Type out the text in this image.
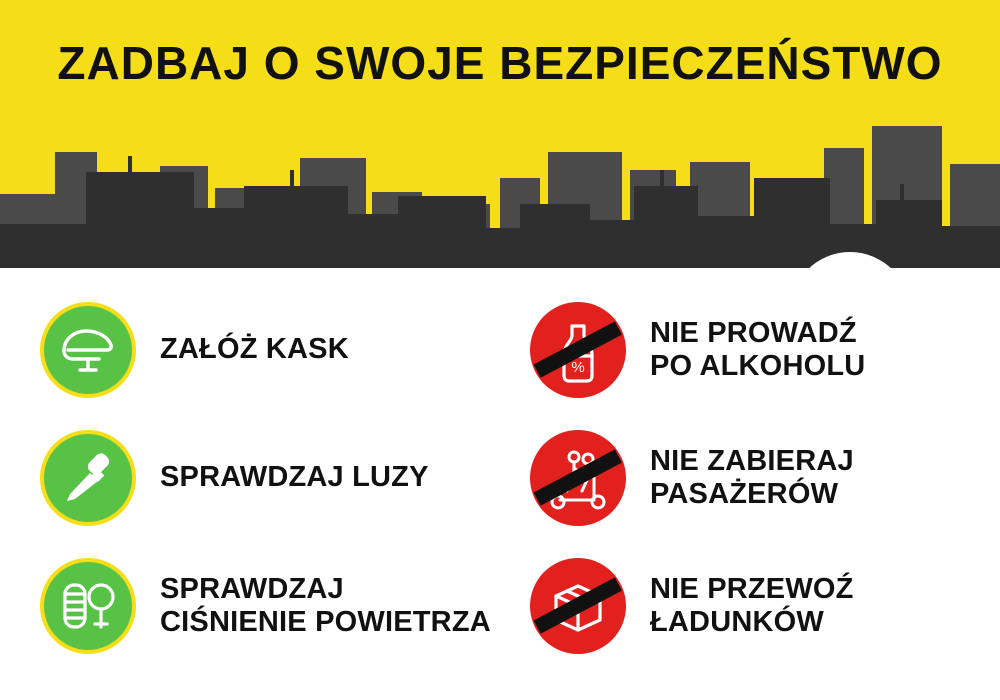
ZADBAJ O SWOJE BEZPIECZEŃSTWO
ZAŁÓŻ KASK
SPRAWDZAJ LUZY
SPRAWDZAJ
CIŚNIENIE POWIETRZA
%
NIE PROWADŹ
PO ALKOHOLU
NIE ZABIERAJ
PASAŻERÓW
NIE PRZEWOŹ
ŁADUNKÓW
